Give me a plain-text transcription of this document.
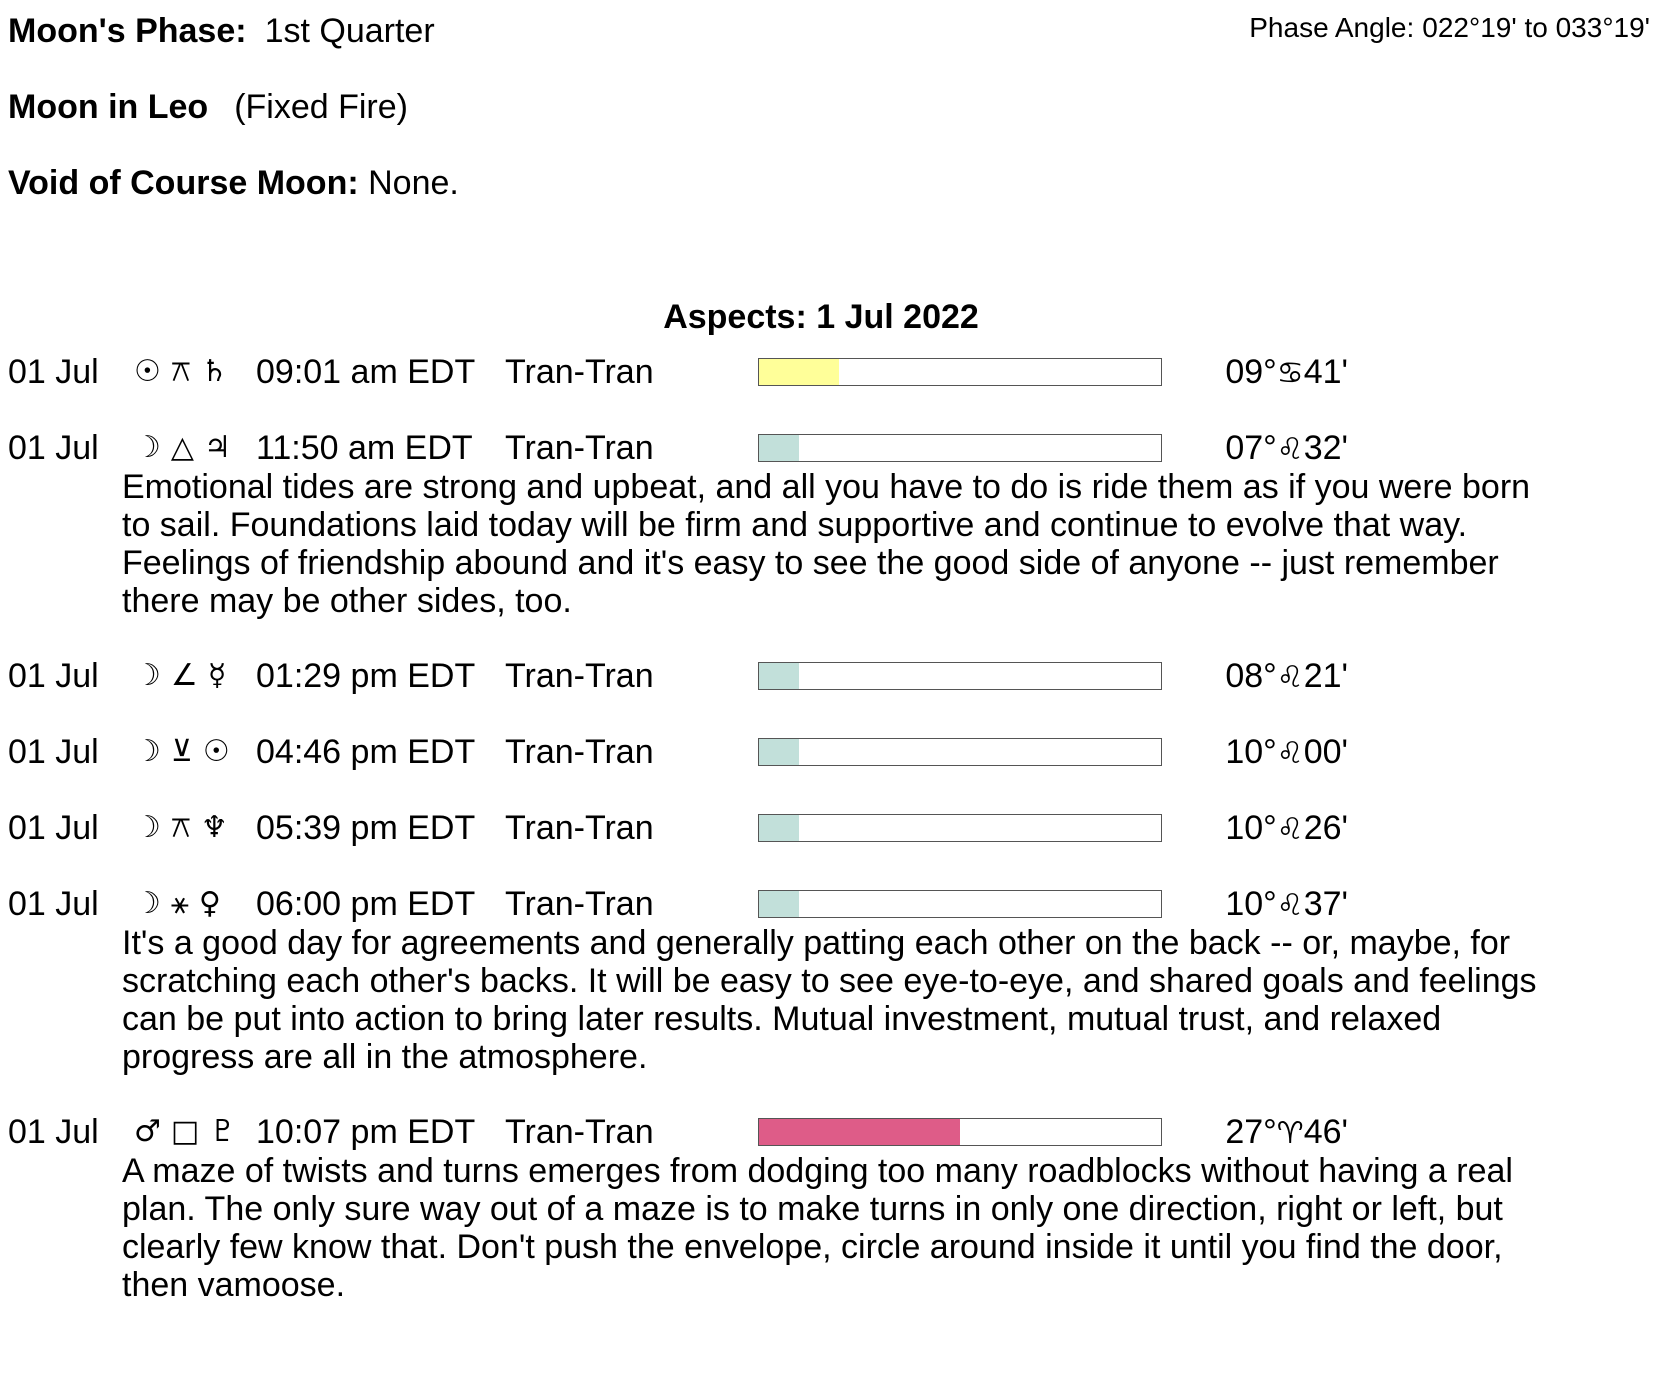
Moon's Phase: 1st Quarter	Phase Angle: 022°19' to 033°19'
Moon in Leo (Fixed Fire)
Void of Course Moon: None.
Aspects: 1 Jul 2022
01 Jul ☉⚻♄ 09:01 am EDT Tran-Tran	09°♋41'
01 Jul ☽△♃ 11:50 am EDT Tran-Tran	07°♌32'
Emotional tides are strong and upbeat, and all you have to do is ride them as if you were born to sail. Foundations laid today will be firm and supportive and continue to evolve that way. Feelings of friendship abound and it's easy to see the good side of anyone -- just remember there may be other sides, too.
01 Jul ☽∠☿ 01:29 pm EDT Tran-Tran	08°♌21'
01 Jul ☽⊻☉ 04:46 pm EDT Tran-Tran	10°♌00'
01 Jul ☽⚻♆ 05:39 pm EDT Tran-Tran	10°♌26'
01 Jul ☽⚹♀ 06:00 pm EDT Tran-Tran	10°♌37'
It's a good day for agreements and generally patting each other on the back -- or, maybe, for scratching each other's backs. It will be easy to see eye-to-eye, and shared goals and feelings can be put into action to bring later results. Mutual investment, mutual trust, and relaxed progress are all in the atmosphere.
01 Jul ♂□♇ 10:07 pm EDT Tran-Tran	27°♈46'
A maze of twists and turns emerges from dodging too many roadblocks without having a real plan. The only sure way out of a maze is to make turns in only one direction, right or left, but clearly few know that. Don't push the envelope, circle around inside it until you find the door, then vamoose.
